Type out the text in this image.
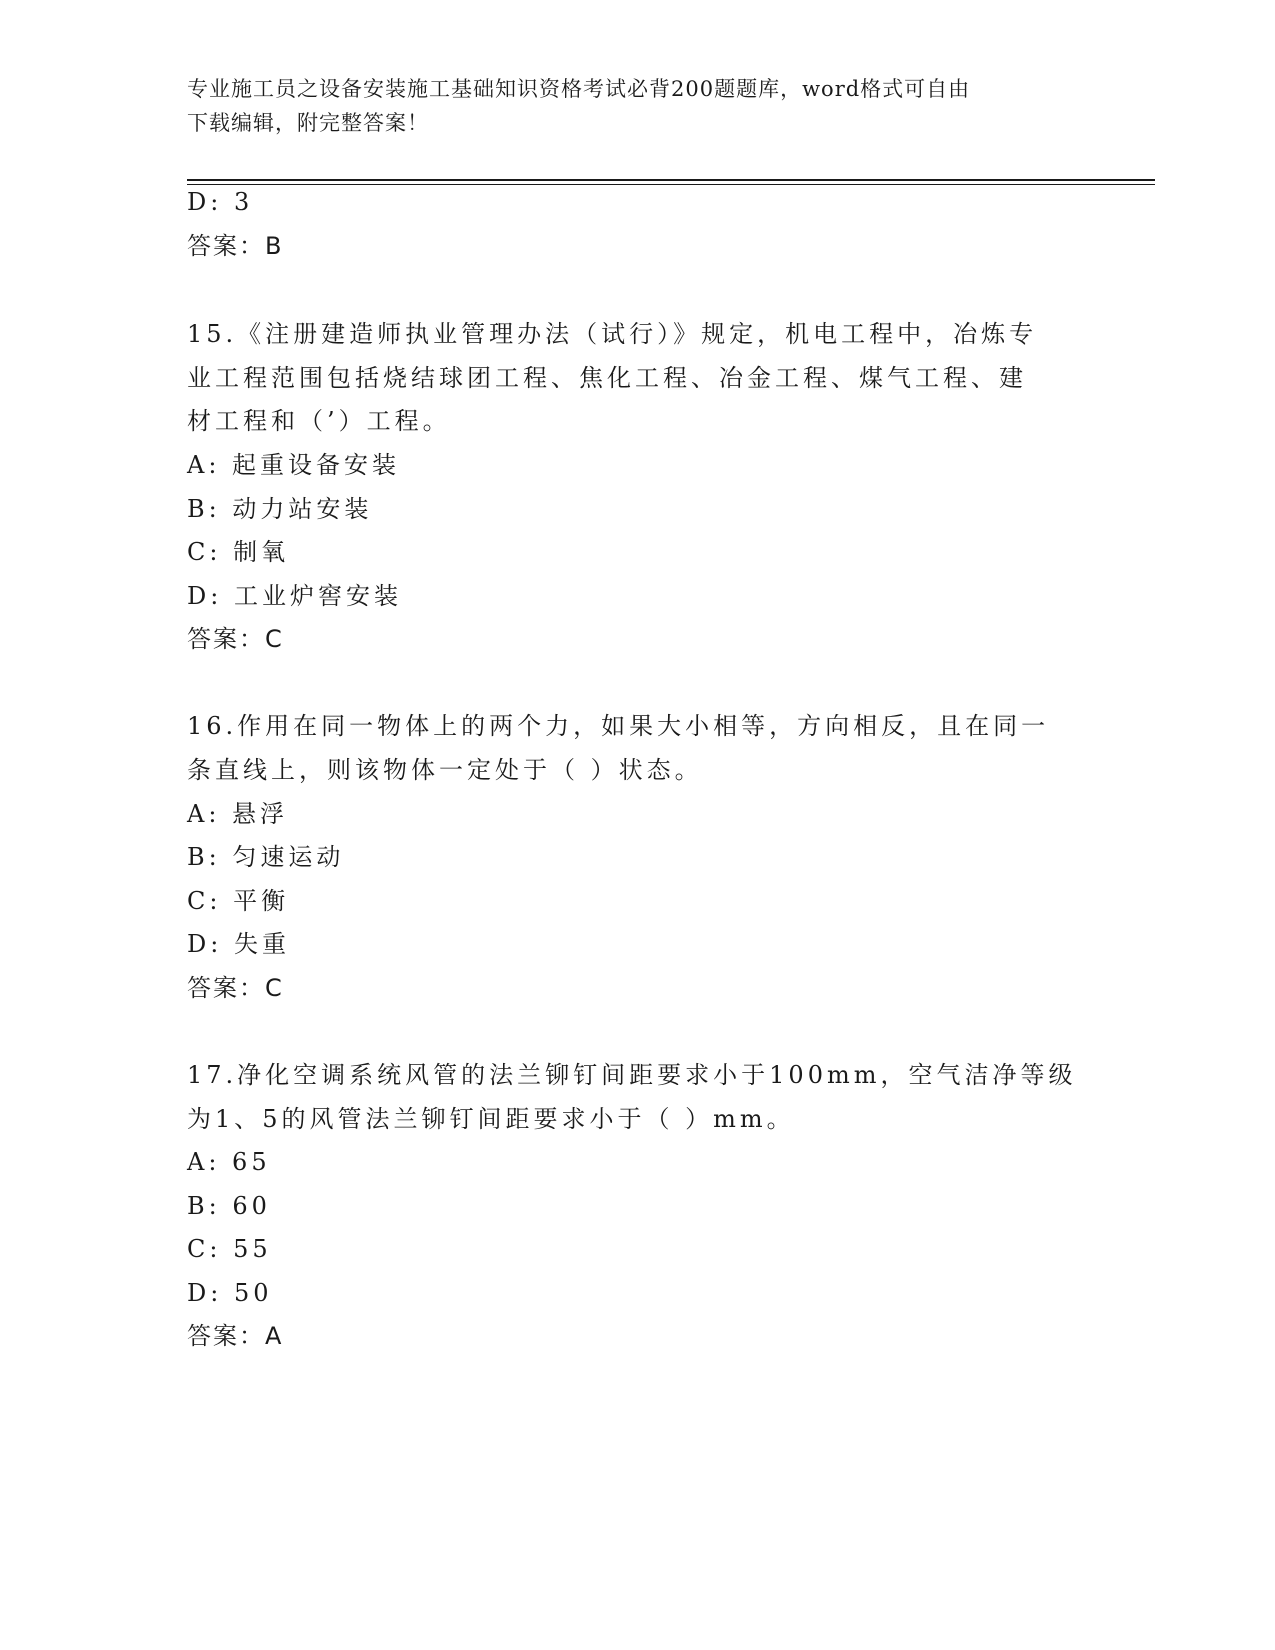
专业施工员之设备安装施工基础知识资格考试必背200题题库，word格式可自由
下载编辑，附完整答案！
D: 3
答案：B
15.《注册建造师执业管理办法（试行）》规定，机电工程中，冶炼专
业工程范围包括烧结球团工程、焦化工程、冶金工程、煤气工程、建
材工程和（’）工程。
A: 起重设备安装
B: 动力站安装
C: 制氧
D: 工业炉窖安装
答案：C
16.作用在同一物体上的两个力，如果大小相等，方向相反，且在同一
条直线上，则该物体一定处于（ ）状态。
A: 悬浮
B: 匀速运动
C: 平衡
D: 失重
答案：C
17.净化空调系统风管的法兰铆钉间距要求小于100mm，空气洁净等级
为1、5的风管法兰铆钉间距要求小于（ ）mm。
A: 65
B: 60
C: 55
D: 50
答案：A
